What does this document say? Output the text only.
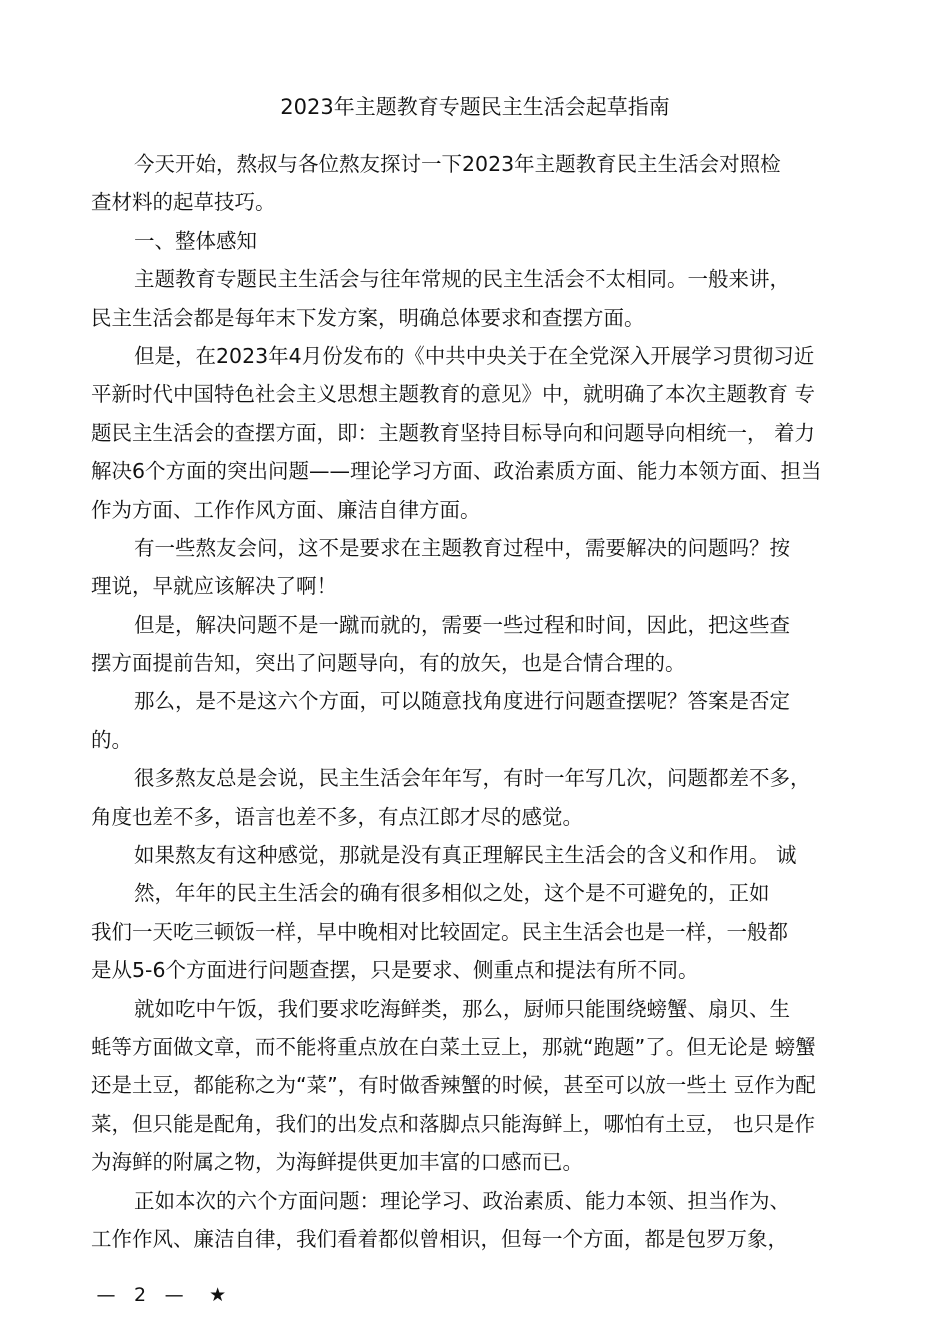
2023年主题教育专题民主生活会起草指南
今天开始，熬叔与各位熬友探讨一下2023年主题教育民主生活会对照检
查材料的起草技巧。
一、整体感知
主题教育专题民主生活会与往年常规的民主生活会不太相同。一般来讲，
民主生活会都是每年末下发方案，明确总体要求和查摆方面。
但是，在2023年4月份发布的《中共中央关于在全党深入开展学习贯彻习近
平新时代中国特色社会主义思想主题教育的意见》中，就明确了本次主题教育 专
题民主生活会的查摆方面，即：主题教育坚持目标导向和问题导向相统一， 着力
解决6个方面的突出问题——理论学习方面、政治素质方面、能力本领方面、担当
作为方面、工作作风方面、廉洁自律方面。
有一些熬友会问，这不是要求在主题教育过程中，需要解决的问题吗？按
理说，早就应该解决了啊！
但是，解决问题不是一蹴而就的，需要一些过程和时间，因此，把这些查
摆方面提前告知，突出了问题导向，有的放矢，也是合情合理的。
那么，是不是这六个方面，可以随意找角度进行问题查摆呢？答案是否定
的。
很多熬友总是会说，民主生活会年年写，有时一年写几次，问题都差不多，
角度也差不多，语言也差不多，有点江郎才尽的感觉。
如果熬友有这种感觉，那就是没有真正理解民主生活会的含义和作用。 诚
然，年年的民主生活会的确有很多相似之处，这个是不可避免的，正如
我们一天吃三顿饭一样，早中晚相对比较固定。民主生活会也是一样，一般都
是从5-6个方面进行问题查摆，只是要求、侧重点和提法有所不同。
就如吃中午饭，我们要求吃海鲜类，那么，厨师只能围绕螃蟹、扇贝、生
蚝等方面做文章，而不能将重点放在白菜土豆上，那就“跑题”了。但无论是 螃蟹
还是土豆，都能称之为“菜”，有时做香辣蟹的时候，甚至可以放一些土 豆作为配
菜，但只能是配角，我们的出发点和落脚点只能海鲜上，哪怕有土豆， 也只是作
为海鲜的附属之物，为海鲜提供更加丰富的口感而已。
正如本次的六个方面问题：理论学习、政治素质、能力本领、担当作为、
工作作风、廉洁自律，我们看着都似曾相识，但每一个方面，都是包罗万象，
— 2 — ★
